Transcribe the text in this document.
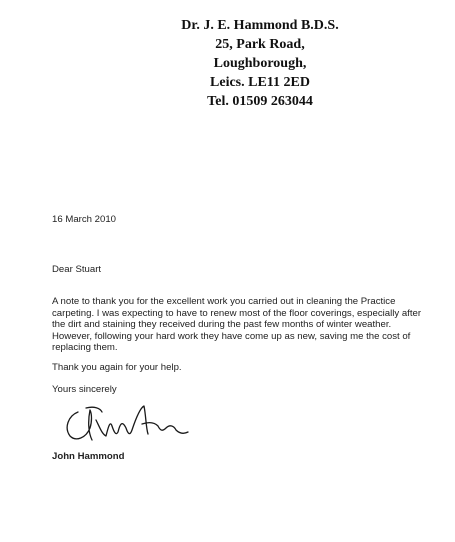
Dr. J. E. Hammond B.D.S.
25, Park Road,
Loughborough,
Leics. LE11 2ED
Tel. 01509 263044
16 March 2010
Dear Stuart
A note to thank you for the excellent work you carried out in cleaning the Practice
carpeting. I was expecting to have to renew most of the floor coverings, especially after
the dirt and staining they received during the past few months of winter weather.
However, following your hard work they have come up as new, saving me the cost of
replacing them.
Thank you again for your help.
Yours sincerely
John Hammond
